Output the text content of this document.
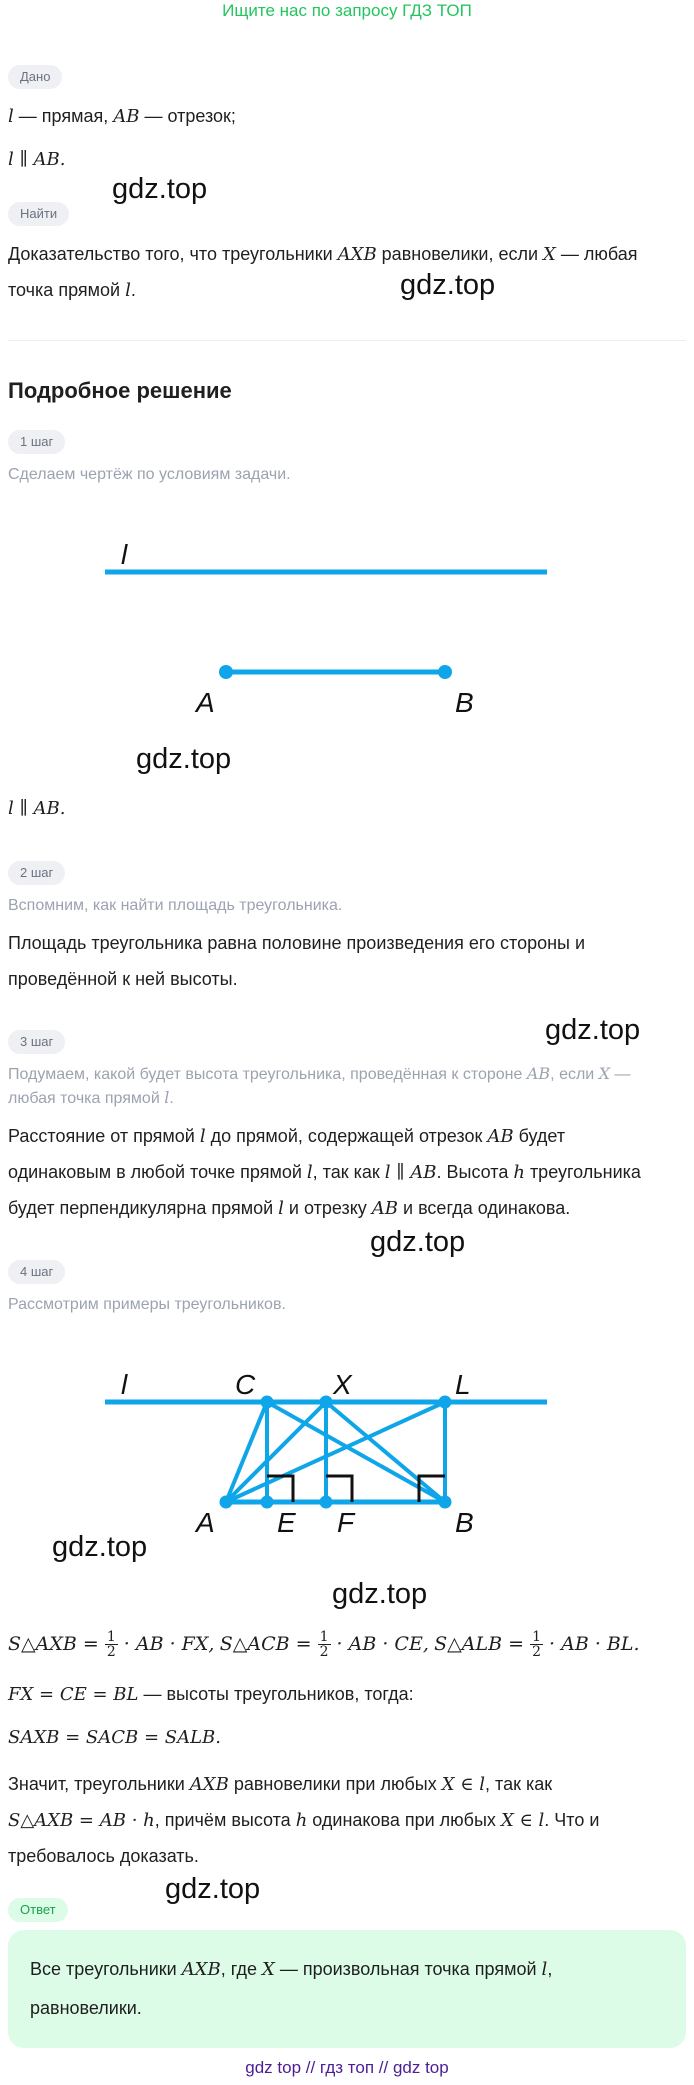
Ищите нас по запросу ГДЗ ТОП
Дано
l — прямая, AB — отрезок;
l ∥ AB.
gdz.top
Найти
Доказательство того, что треугольники AXB равновелики, если X — любая
точка прямой l.	gdz.top
Подробное решение
1 шаг
Сделаем чертёж по условиям задачи.
l
A	B
gdz.top
l ∥ AB.
2 шаг
Вспомним, как найти площадь треугольника.
Площадь треугольника равна половине произведения его стороны и
проведённой к ней высоты.
3 шаг	gdz.top
Подумаем, какой будет высота треугольника, проведённая к стороне AB, если X —
любая точка прямой l.
Расстояние от прямой l до прямой, содержащей отрезок AB будет
одинаковым в любой точке прямой l, так как l ∥ AB. Высота h треугольника
будет перпендикулярна прямой l и отрезку AB и всегда одинакова.
gdz.top
4 шаг
Рассмотрим примеры треугольников.
l	C	X	L
A E F	B
gdz.top
gdz.top
S△AXB = $\frac{1}{2}$ · AB · FX, S△ACB = $\frac{1}{2}$ · AB · CE, S△ALB = $\frac{1}{2}$ · AB · BL.
FX = CE = BL — высоты треугольников, тогда:
SAXB = SACB = SALB.
Значит, треугольники AXB равновелики при любых X ∈ l, так как
S△AXB = AB · h, причём высота h одинакова при любых X ∈ l. Что и
требовалось доказать.
gdz.top
Ответ
Все треугольники AXB, где X — произвольная точка прямой l,
равновелики.
gdz top // гдз топ // gdz top
